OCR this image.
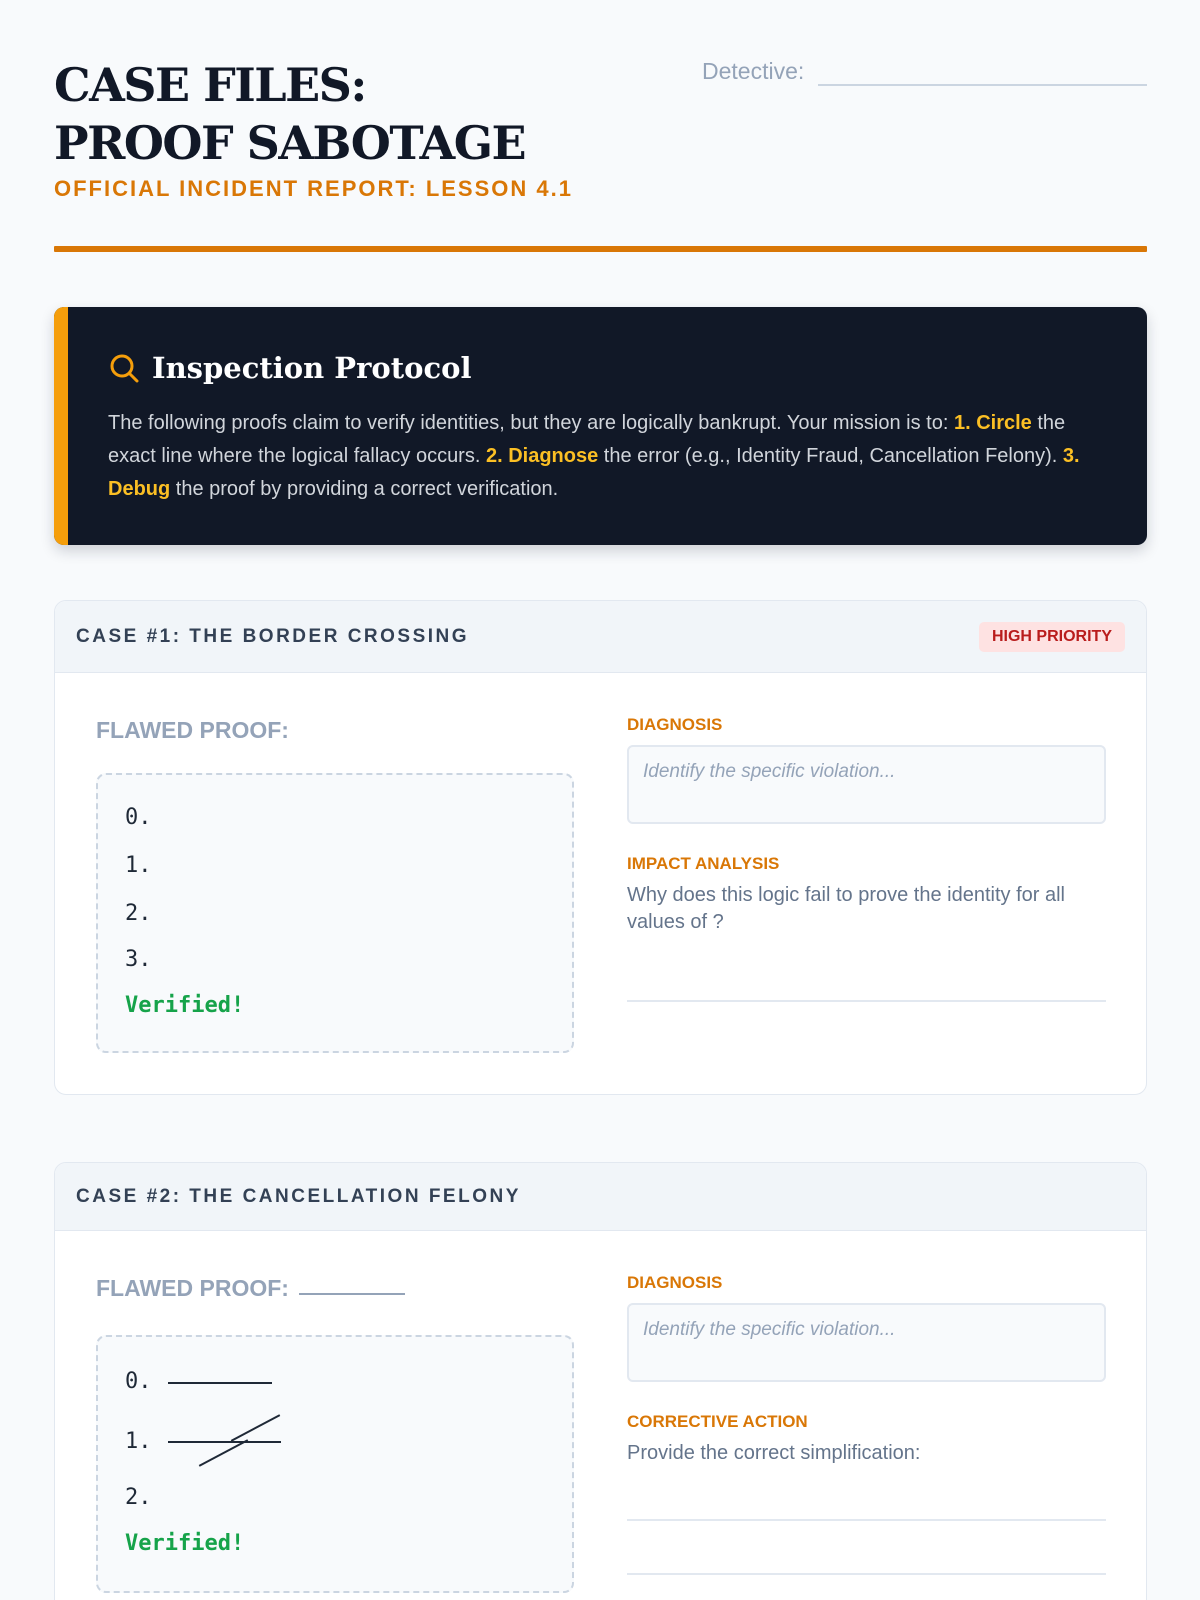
CASE FILES: PROOF SABOTAGE
OFFICIAL INCIDENT REPORT: LESSON 4.1
Detective:
Inspection Protocol

The following proofs claim to verify identities, but they are logically bankrupt. Your mission is to: 1. Circle the exact line where the logical fallacy occurs. 2. Diagnose the error (e.g., Identity Fraud, Cancellation Felony). 3. Debug the proof by providing a correct verification.

CASE #1: THE BORDER CROSSING	HIGH PRIORITY
FLAWED PROOF:
0.
1.
2.
3.
Verified!
DIAGNOSIS
Identify the specific violation...
IMPACT ANALYSIS
Why does this logic fail to prove the identity for all values of ?
CASE #2: THE CANCELLATION FELONY
FLAWED PROOF:
0.
1.
2.
Verified!
DIAGNOSIS
Identify the specific violation...
CORRECTIVE ACTION
Provide the correct simplification:
